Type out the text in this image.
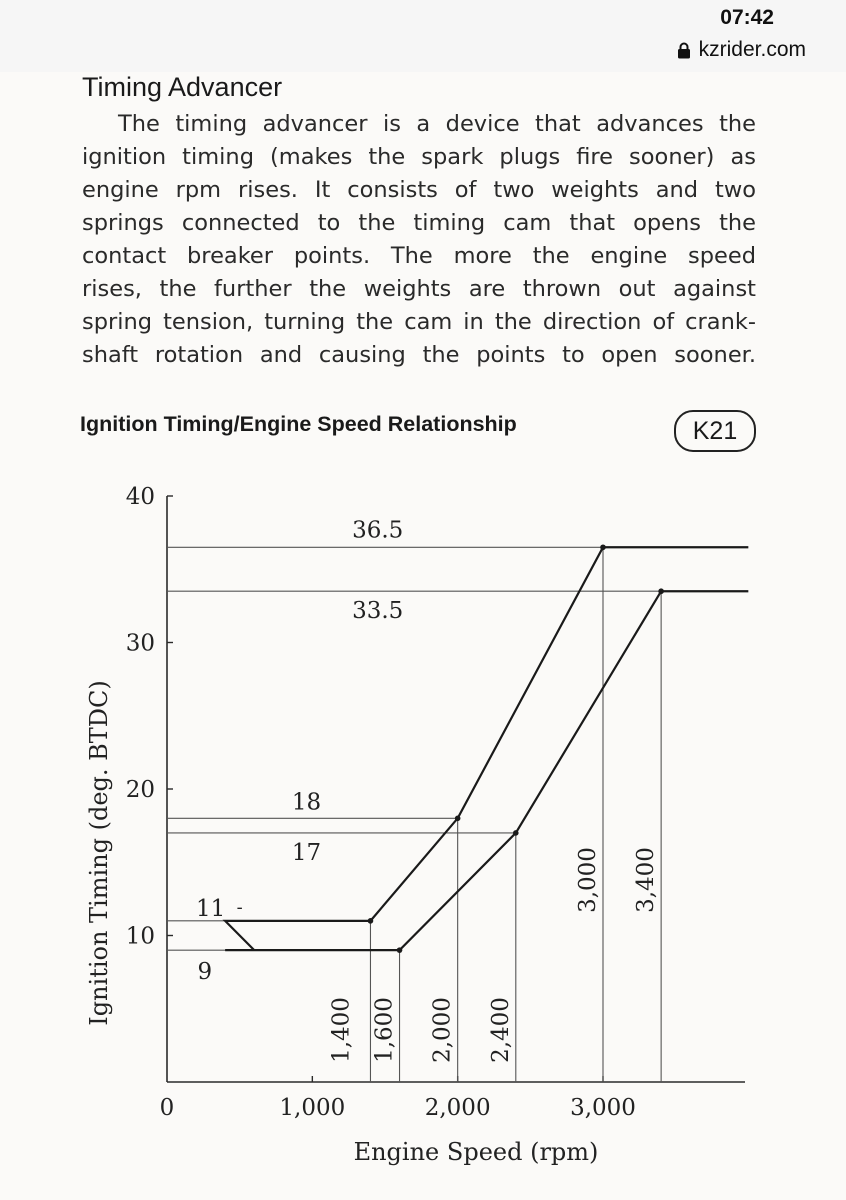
07:42
kzrider.com
Timing Advancer
The timing advancer is a device that advances the
ignition timing (makes the spark plugs fire sooner) as
engine rpm rises. It consists of two weights and two
springs connected to the timing cam that opens the
contact breaker points. The more the engine speed
rises, the further the weights are thrown out against
spring tension, turning the cam in the direction of crank-
shaft rotation and causing the points to open sooner.
Ignition Timing/Engine Speed Relationship	K21
10
20
30
40
0	1,000	2,000	3,000
Engine Speed (rpm)
Ignition Timing (deg. BTDC)
36.5
33.5
18
17
11 -
9
1,400 1,600 2,000 2,400
3,000 3,400
